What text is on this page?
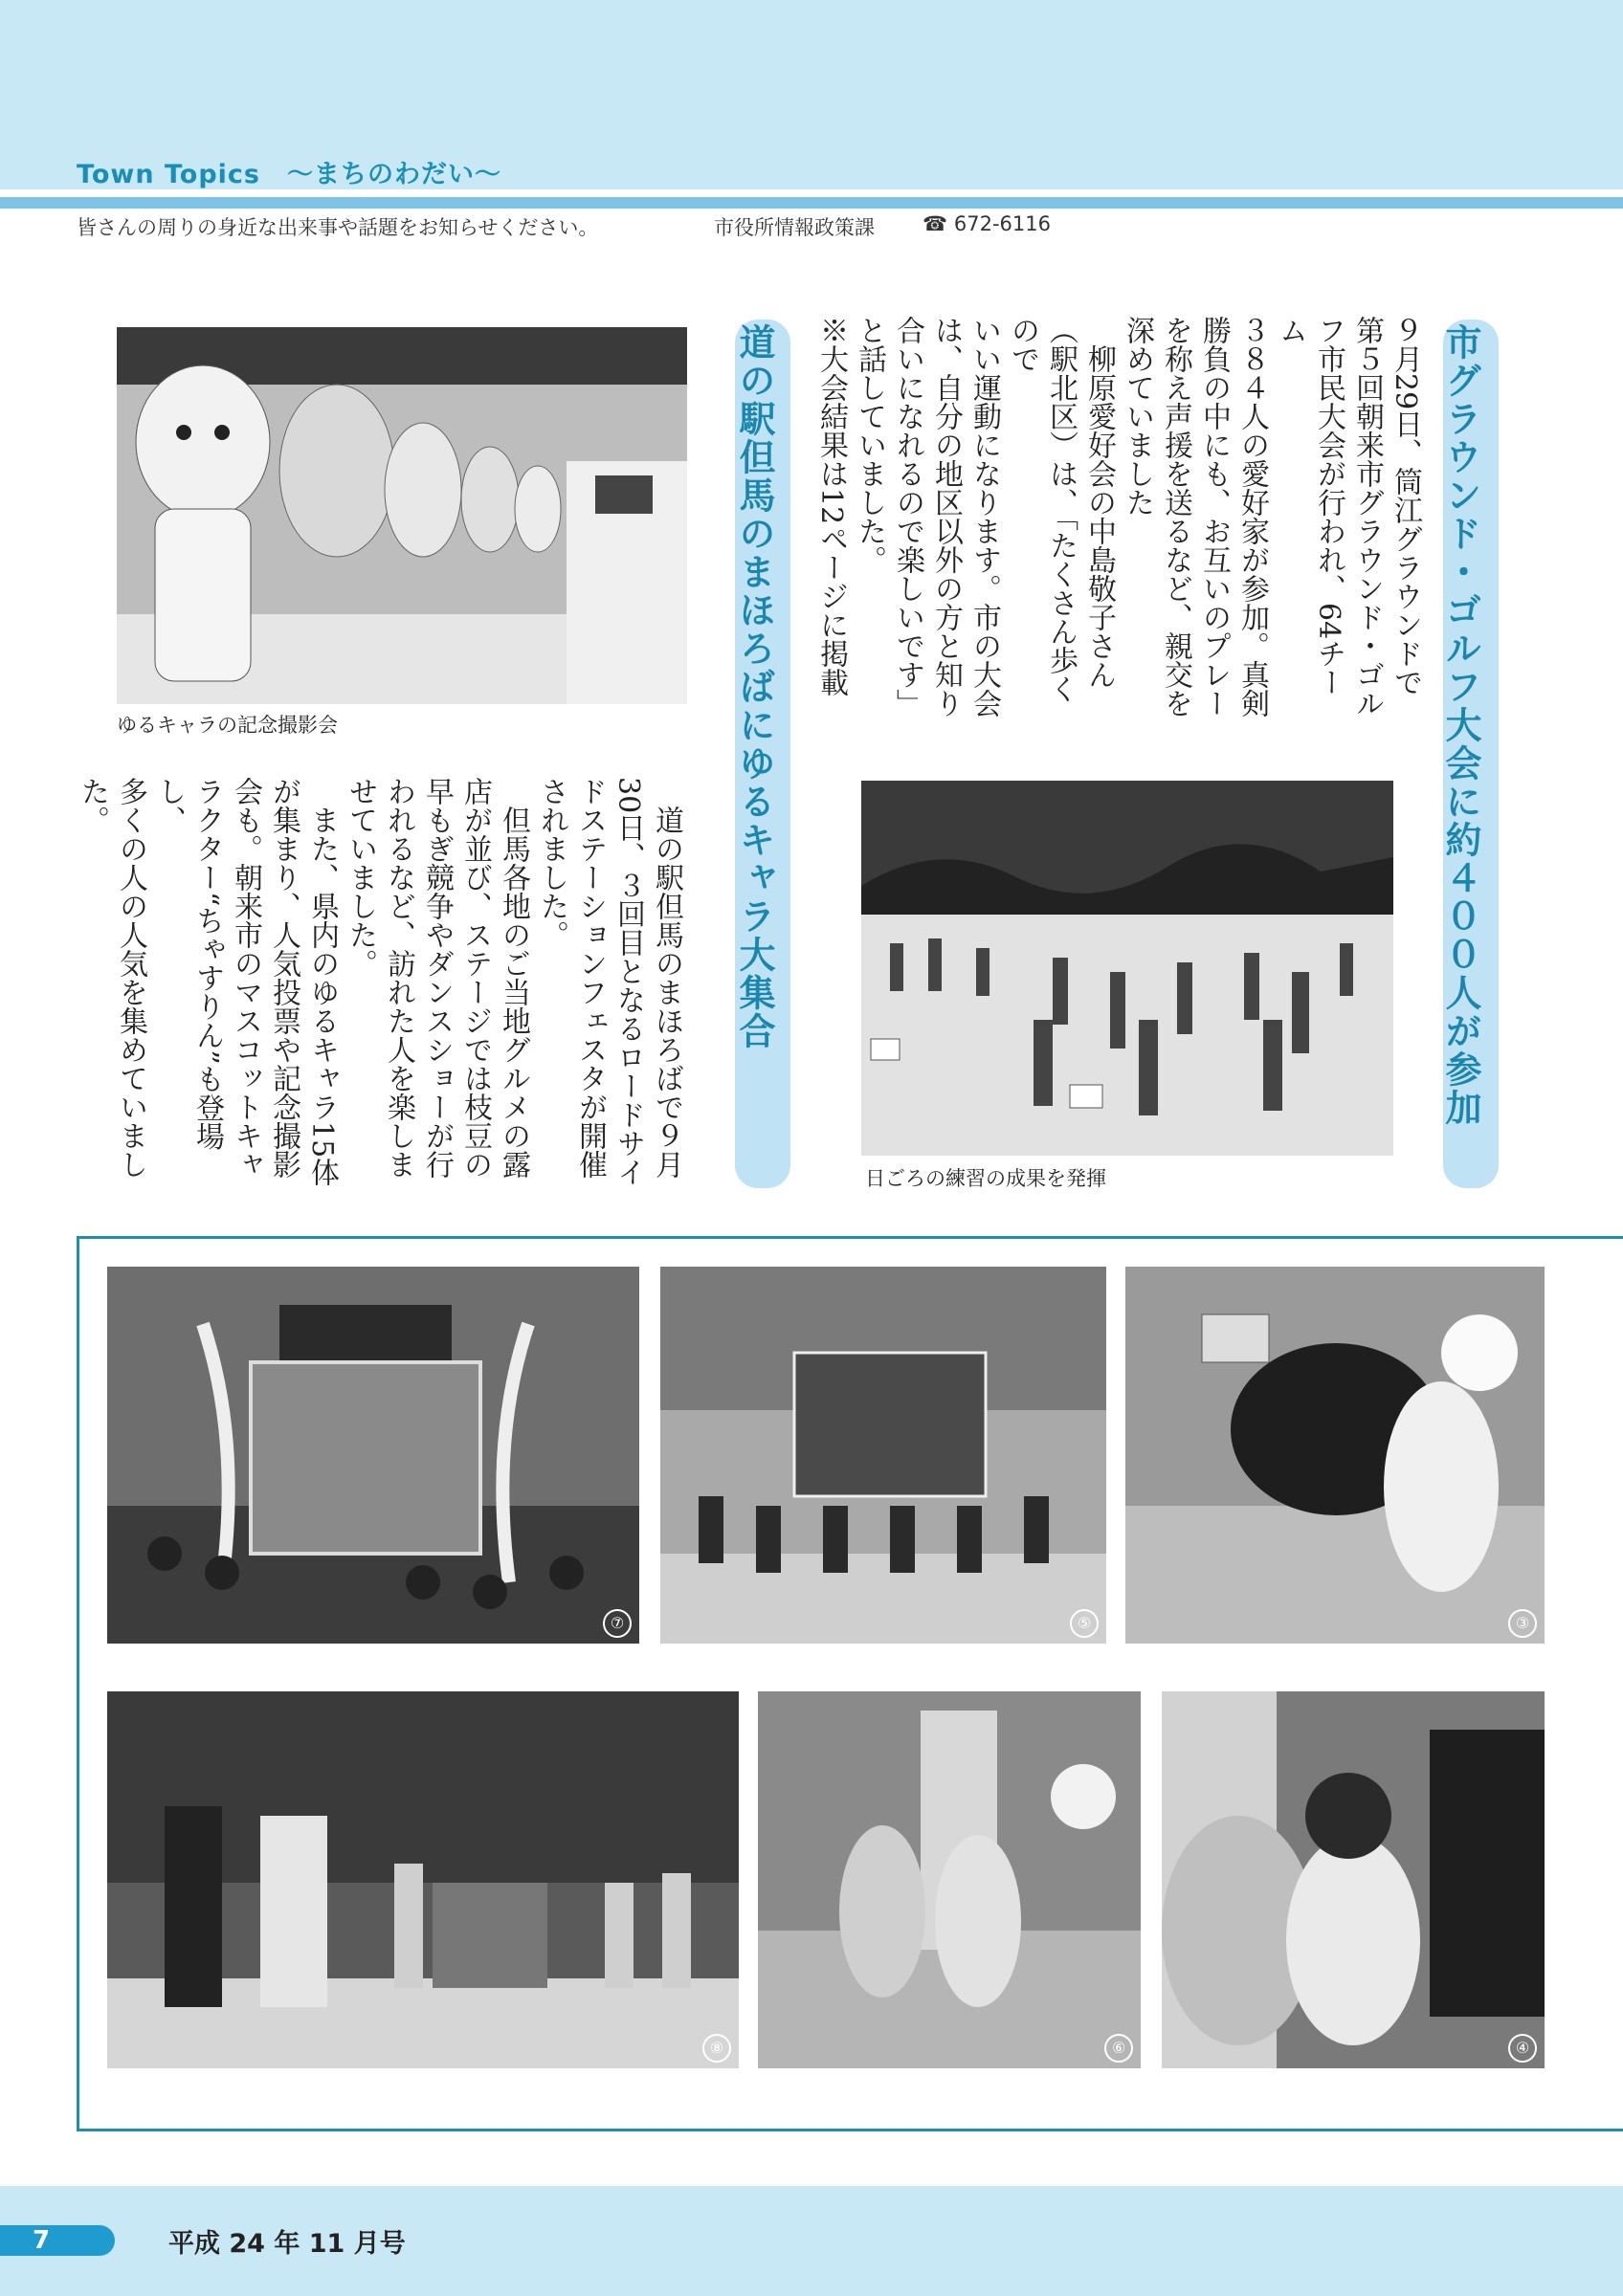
Town Topics　～まちのわだい～
皆さんの周りの身近な出来事や話題をお知らせください。	市役所情報政策課 ☎ 672-6116
市グラウンド・ゴルフ大会に約４００人が参加
９月29日、筒江グラウンドで
第５回朝来市グラウンド・ゴル
フ市民大会が行われ、64チーム
３８４人の愛好家が参加。真剣
勝負の中にも、お互いのプレー
を称え声援を送るなど、親交を
深めていました
　柳原愛好会の中島敬子さん
（駅北区）は、「たくさん歩くので
いい運動になります。市の大会
は、自分の地区以外の方と知り
合いになれるので楽しいです」
と話していました。
※大会結果は12ページに掲載
日ごろの練習の成果を発揮
ゆるキャラの記念撮影会	道の駅但馬のまほろばにゆるキャラ大集合
　道の駅但馬のまほろばで９月
30日、３回目となるロードサイ
ドステーションフェスタが開催
されました。
　但馬各地のご当地グルメの露
店が並び、ステージでは枝豆の
早もぎ競争やダンスショーが行
われるなど、訪れた人を楽しま
せていました。
　また、県内のゆるキャラ15体
が集まり、人気投票や記念撮影
会も。朝来市のマスコットキャ
ラクター“ちゃすりん”も登場し、
多くの人の人気を集めていまし
た。
⑦	⑤	③
⑧	⑥	④
7	平成 24 年 11 月号
